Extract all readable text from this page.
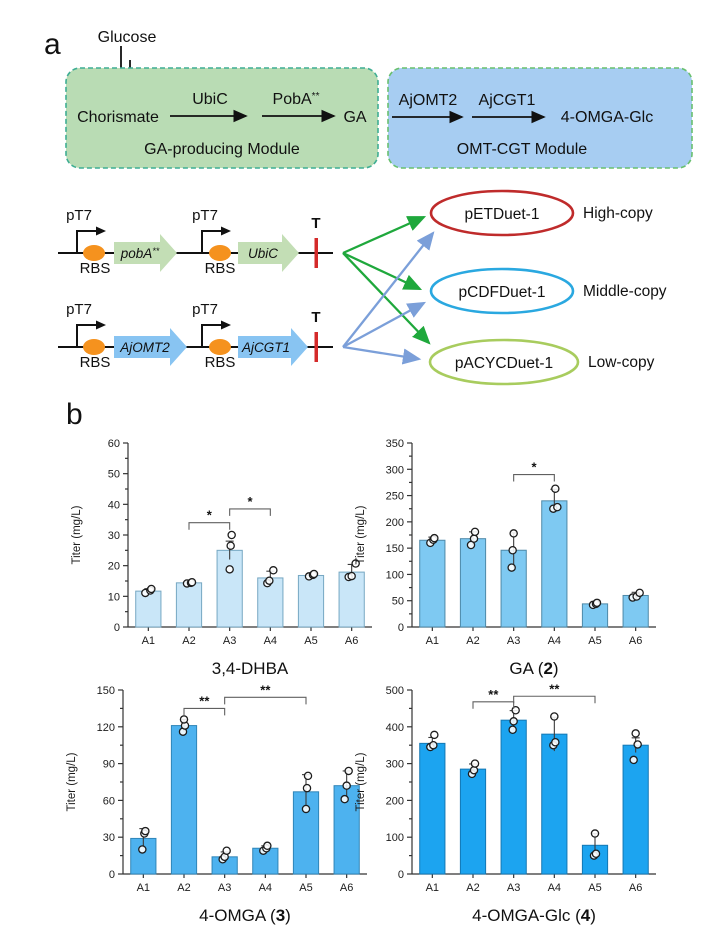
a Glucose
Chorismate
UbiC	PobA**
GA
GA-producing Module
AjOMT2 AjCGT1
4-OMGA-Glc
OMT-CGT Module
pT7
RBS
pobA**
pT7
RBS
UbiC
T
pT7
RBS
AjOMT2
pT7
RBS
AjCGT1
T
pETDuet-1	High-copy
pCDFDuet-1 Middle-copy
pACYCDuet-1 Low-copy
b
0
10
20
30
40
50
60
Titer (mg/L)
A1 A2 A3 A4 A5 A6
*
*
3,4-DHBA
0
50
100
150
200
250
300
350
Titer (mg/L)
A1 A2 A3 A4 A5 A6
*
GA (2)
0
30
60
90
120
150
Titer (mg/L)
A1 A2 A3 A4 A5 A6
**
**
4-OMGA (3)
0
100
200
300
400
500
Titer (mg/L)
A1 A2 A3 A4 A5 A6
**	**
4-OMGA-Glc (4)
